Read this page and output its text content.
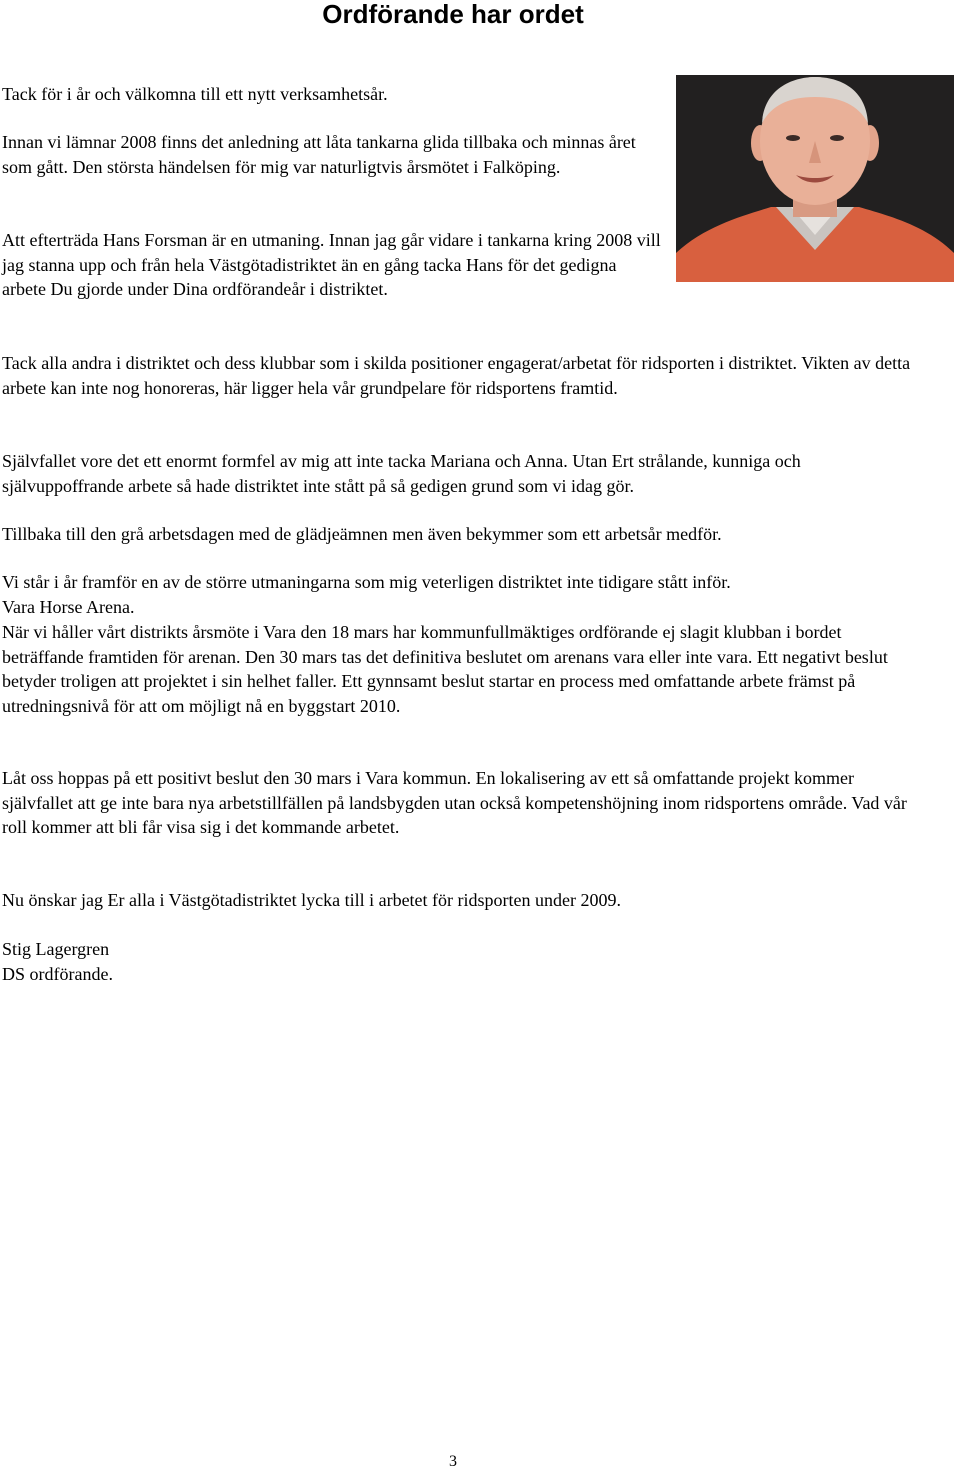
Ordförande har ordet

Tack för i år och välkomna till ett nytt verksamhetsår.

Innan vi lämnar 2008 finns det anledning att låta tankarna glida tillbaka och minnas året som gått. Den största händelsen för mig var naturligtvis årsmötet i Falköping.

Att efterträda Hans Forsman är en utmaning. Innan jag går vidare i tankarna kring 2008 vill jag stanna upp och från hela Västgötadistriktet än en gång tacka Hans för det gedigna arbete Du gjorde under Dina ordförandeår i distriktet.

Tack alla andra i distriktet och dess klubbar som i skilda positioner engagerat/arbetat för ridsporten i distriktet. Vikten av detta arbete kan inte nog honoreras, här ligger hela vår grundpelare för ridsportens framtid.

Självfallet vore det ett enormt formfel av mig att inte tacka Mariana och Anna. Utan Ert strålande, kunniga och självuppoffrande arbete så hade distriktet inte stått på så gedigen grund som vi idag gör.

Tillbaka till den grå arbetsdagen med de glädjeämnen men även bekymmer som ett arbetsår medför.

Vi står i år framför en av de större utmaningarna som mig veterligen distriktet inte tidigare stått inför.

Vara Horse Arena.

När vi håller vårt distrikts årsmöte i Vara den 18 mars har kommunfullmäktiges ordförande ej slagit klubban i bordet beträffande framtiden för arenan. Den 30 mars tas det definitiva beslutet om arenans vara eller inte vara. Ett negativt beslut betyder troligen att projektet i sin helhet faller. Ett gynnsamt beslut startar en process med omfattande arbete främst på utredningsnivå för att om möjligt nå en byggstart 2010.

Låt oss hoppas på ett positivt beslut den 30 mars i Vara kommun. En lokalisering av ett så omfattande projekt kommer självfallet att ge inte bara nya arbetstillfällen på landsbygden utan också kompetenshöjning inom ridsportens område. Vad vår roll kommer att bli får visa sig i det kommande arbetet.

Nu önskar jag Er alla i Västgötadistriktet lycka till i arbetet för ridsporten under 2009.

Stig Lagergren

DS ordförande.

3
